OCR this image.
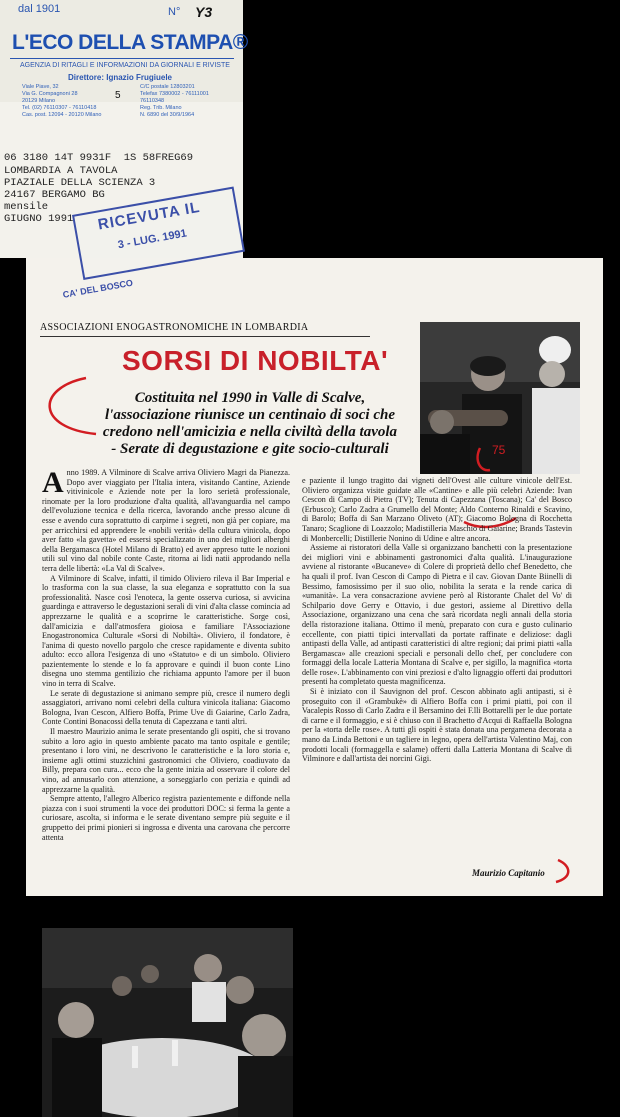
dal 1901	N° Y3
L'ECO DELLA STAMPA®
AGENZIA DI RITAGLI E INFORMAZIONI DA GIORNALI E RIVISTE
Direttore: Ignazio Frugiuele
Viale Piave, 32
Via G. Compagnoni 28
20129 Milano
Tel. (02) 76110307 - 76110418
Cas. post. 12094 - 20120 Milano
C/C postale 12803201
Telefax 7380002 - 76111001
76110348
Reg. Trib. Milano
N. 6890 del 30/9/1964
5
06 3180 14T 9931F  1S 58FREG69
LOMBARDIA A TAVOLA
PIAZIALE DELLA SCIENZA 3
24167 BERGAMO BG
mensile
GIUGNO 1991 RICEVUTA IL
3 - LUG. 1991
CA' DEL BOSCO
ASSOCIAZIONI ENOGASTRONOMICHE IN LOMBARDIA
SORSI DI NOBILTA'
Costituita nel 1990 in Valle di Scalve, l'associazione riunisce un centinaio di soci che credono nell'amicizia e nella civiltà della tavola - Serate di degustazione e gite socio-culturali	75

Anno 1989. A Vilminore di Scalve arriva Oliviero Magri da Pianezza. Dopo aver viaggiato per l'Italia intera, visitando Cantine, Aziende vitivinicole e Aziende note per la loro serietà professionale, rinomate per la loro produzione d'alta qualità, all'avanguardia nel campo dell'evoluzione tecnica e della ricerca, lavorando anche presso alcune di esse e avendo cura soprattutto di carpirne i segreti, non già per copiare, ma per arricchirsi ed apprendere le «nobili verità» della cultura vinicola, dopo aver fatto «la gavetta» ed essersi specializzato in uno dei migliori alberghi della Bergamasca (Hotel Milano di Bratto) ed aver appreso tutte le nozioni utili sul vino dal nobile conte Caste, ritorna ai lidi natii approdando nella terra delle libertà: «La Val di Scalve».

A Vilminore di Scalve, infatti, il timido Oliviero rileva il Bar Imperial e lo trasforma con la sua classe, la sua eleganza e soprattutto con la sua professionalità. Nasce così l'enoteca, la gente osserva curiosa, si avvicina guardinga e attraverso le degustazioni serali di vini d'alta classe comincia ad apprezzarne le qualità e a scoprirne le caratteristiche. Sorge così, dall'amicizia e dall'atmosfera gioiosa e familiare l'Associazione Enogastronomica Culturale «Sorsi di Nobiltà». Oliviero, il fondatore, è l'anima di questo novello pargolo che cresce rapidamente e diventa subito adulto: ecco allora l'esigenza di uno «Statuto» e di un simbolo. Oliviero pazientemente lo stende e lo fa approvare e quindi il buon conte Lino disegna uno stemma gentilizio che richiama appunto l'amore per il buon vino in terra di Scalve.

Le serate di degustazione si animano sempre più, cresce il numero degli assaggiatori, arrivano nomi celebri della cultura vinicola italiana: Giacomo Bologna, Ivan Cescon, Alfiero Boffa, Prime Uve di Gaiarine, Carlo Zadra, Conte Contini Bonacossi della tenuta di Capezzana e tanti altri.

Il maestro Maurizio anima le serate presentando gli ospiti, che si trovano subito a loro agio in questo ambiente pacato ma tanto ospitale e gentile; presentano i loro vini, ne descrivono le caratteristiche e la loro storia e, insieme agli ottimi stuzzichini gastronomici che Oliviero, coadiuvato da Billy, prepara con cura... ecco che la gente inizia ad osservare il colore del vino, ad annusarlo con attenzione, a sorseggiarlo con perizia e quindi ad apprezzarne la qualità.

Sempre attento, l'allegro Alberico registra pazientemente e diffonde nella piazza con i suoi strumenti la voce dei produttori DOC: si ferma la gente a curiosare, ascolta, si informa e le serate diventano sempre più seguite e il gruppetto dei primi pionieri si ingrossa e diventa una carovana che percorre attenta

e paziente il lungo tragitto dai vigneti dell'Ovest alle culture vinicole dell'Est. Oliviero organizza visite guidate alle «Cantine» e alle più celebri Aziende: Ivan Cescon di Campo di Pietra (TV); Tenuta di Capezzana (Toscana); Ca' del Bosco (Erbusco); Carlo Zadra a Grumello del Monte; Aldo Conterno Rinaldi e Scavino, di Barolo; Boffa di San Marzano Oliveto (AT); Giacomo Bologna di Rocchetta Tanaro; Scaglione di Loazzolo; Madistilleria Maschio di Gaiarine; Brands Tastevin di Monbercelli; Distillerie Nonino di Udine e altre ancora.

Assieme ai ristoratori della Valle si organizzano banchetti con la presentazione dei migliori vini e abbinamenti gastronomici d'alta qualità. L'inaugurazione avviene al ristorante «Bucaneve» di Colere di proprietà dello chef Benedetto, che ha quali il prof. Ivan Cescon di Campo di Pietra e il cav. Giovan Dante Biinelli di Bessimo, famosissimo per il suo olio, nobilita la serata e la rende carica di «umanità». La vera consacrazione avviene però al Ristorante Chalet del Vo' di Schilpario dove Gerry e Ottavio, i due gestori, assieme al Direttivo della Associazione, organizzano una cena che sarà ricordata negli annali della storia della ristorazione italiana. Ottimo il menù, preparato con cura e gusto culinario eccellente, con piatti tipici intervallati da portate raffinate e deliziose: dagli antipasti della Valle, ad antipasti caratteristici di altre regioni; dai primi piatti «alla Bergamasca» alle creazioni speciali e personali dello chef, per concludere con formaggi della locale Latteria Montana di Scalve e, per sigillo, la magnifica «torta delle rose». L'abbinamento con vini preziosi e d'alto lignaggio offerti dai produttori presenti ha completato questa magnificenza.

Si è iniziato con il Sauvignon del prof. Cescon abbinato agli antipasti, si è proseguito con il «Grambukè» di Alfiero Boffa con i primi piatti, poi con il Vacalepis Rosso di Carlo Zadra e il Bersamino dei F.lli Bottarelli per le due portate di carne e il formaggio, e si è chiuso con il Brachetto d'Acqui di Raffaella Bologna per la «torta delle rose». A tutti gli ospiti è stata donata una pergamena decorata a mano da Linda Bettoni e un tagliere in legno, opera dell'artista Valentino Maj, con prodotti locali (formaggella e salame) offerti dalla Latteria Montana di Scalve di Vilminore e dall'artista dei norcini Gigi.

Maurizio Capitanio
